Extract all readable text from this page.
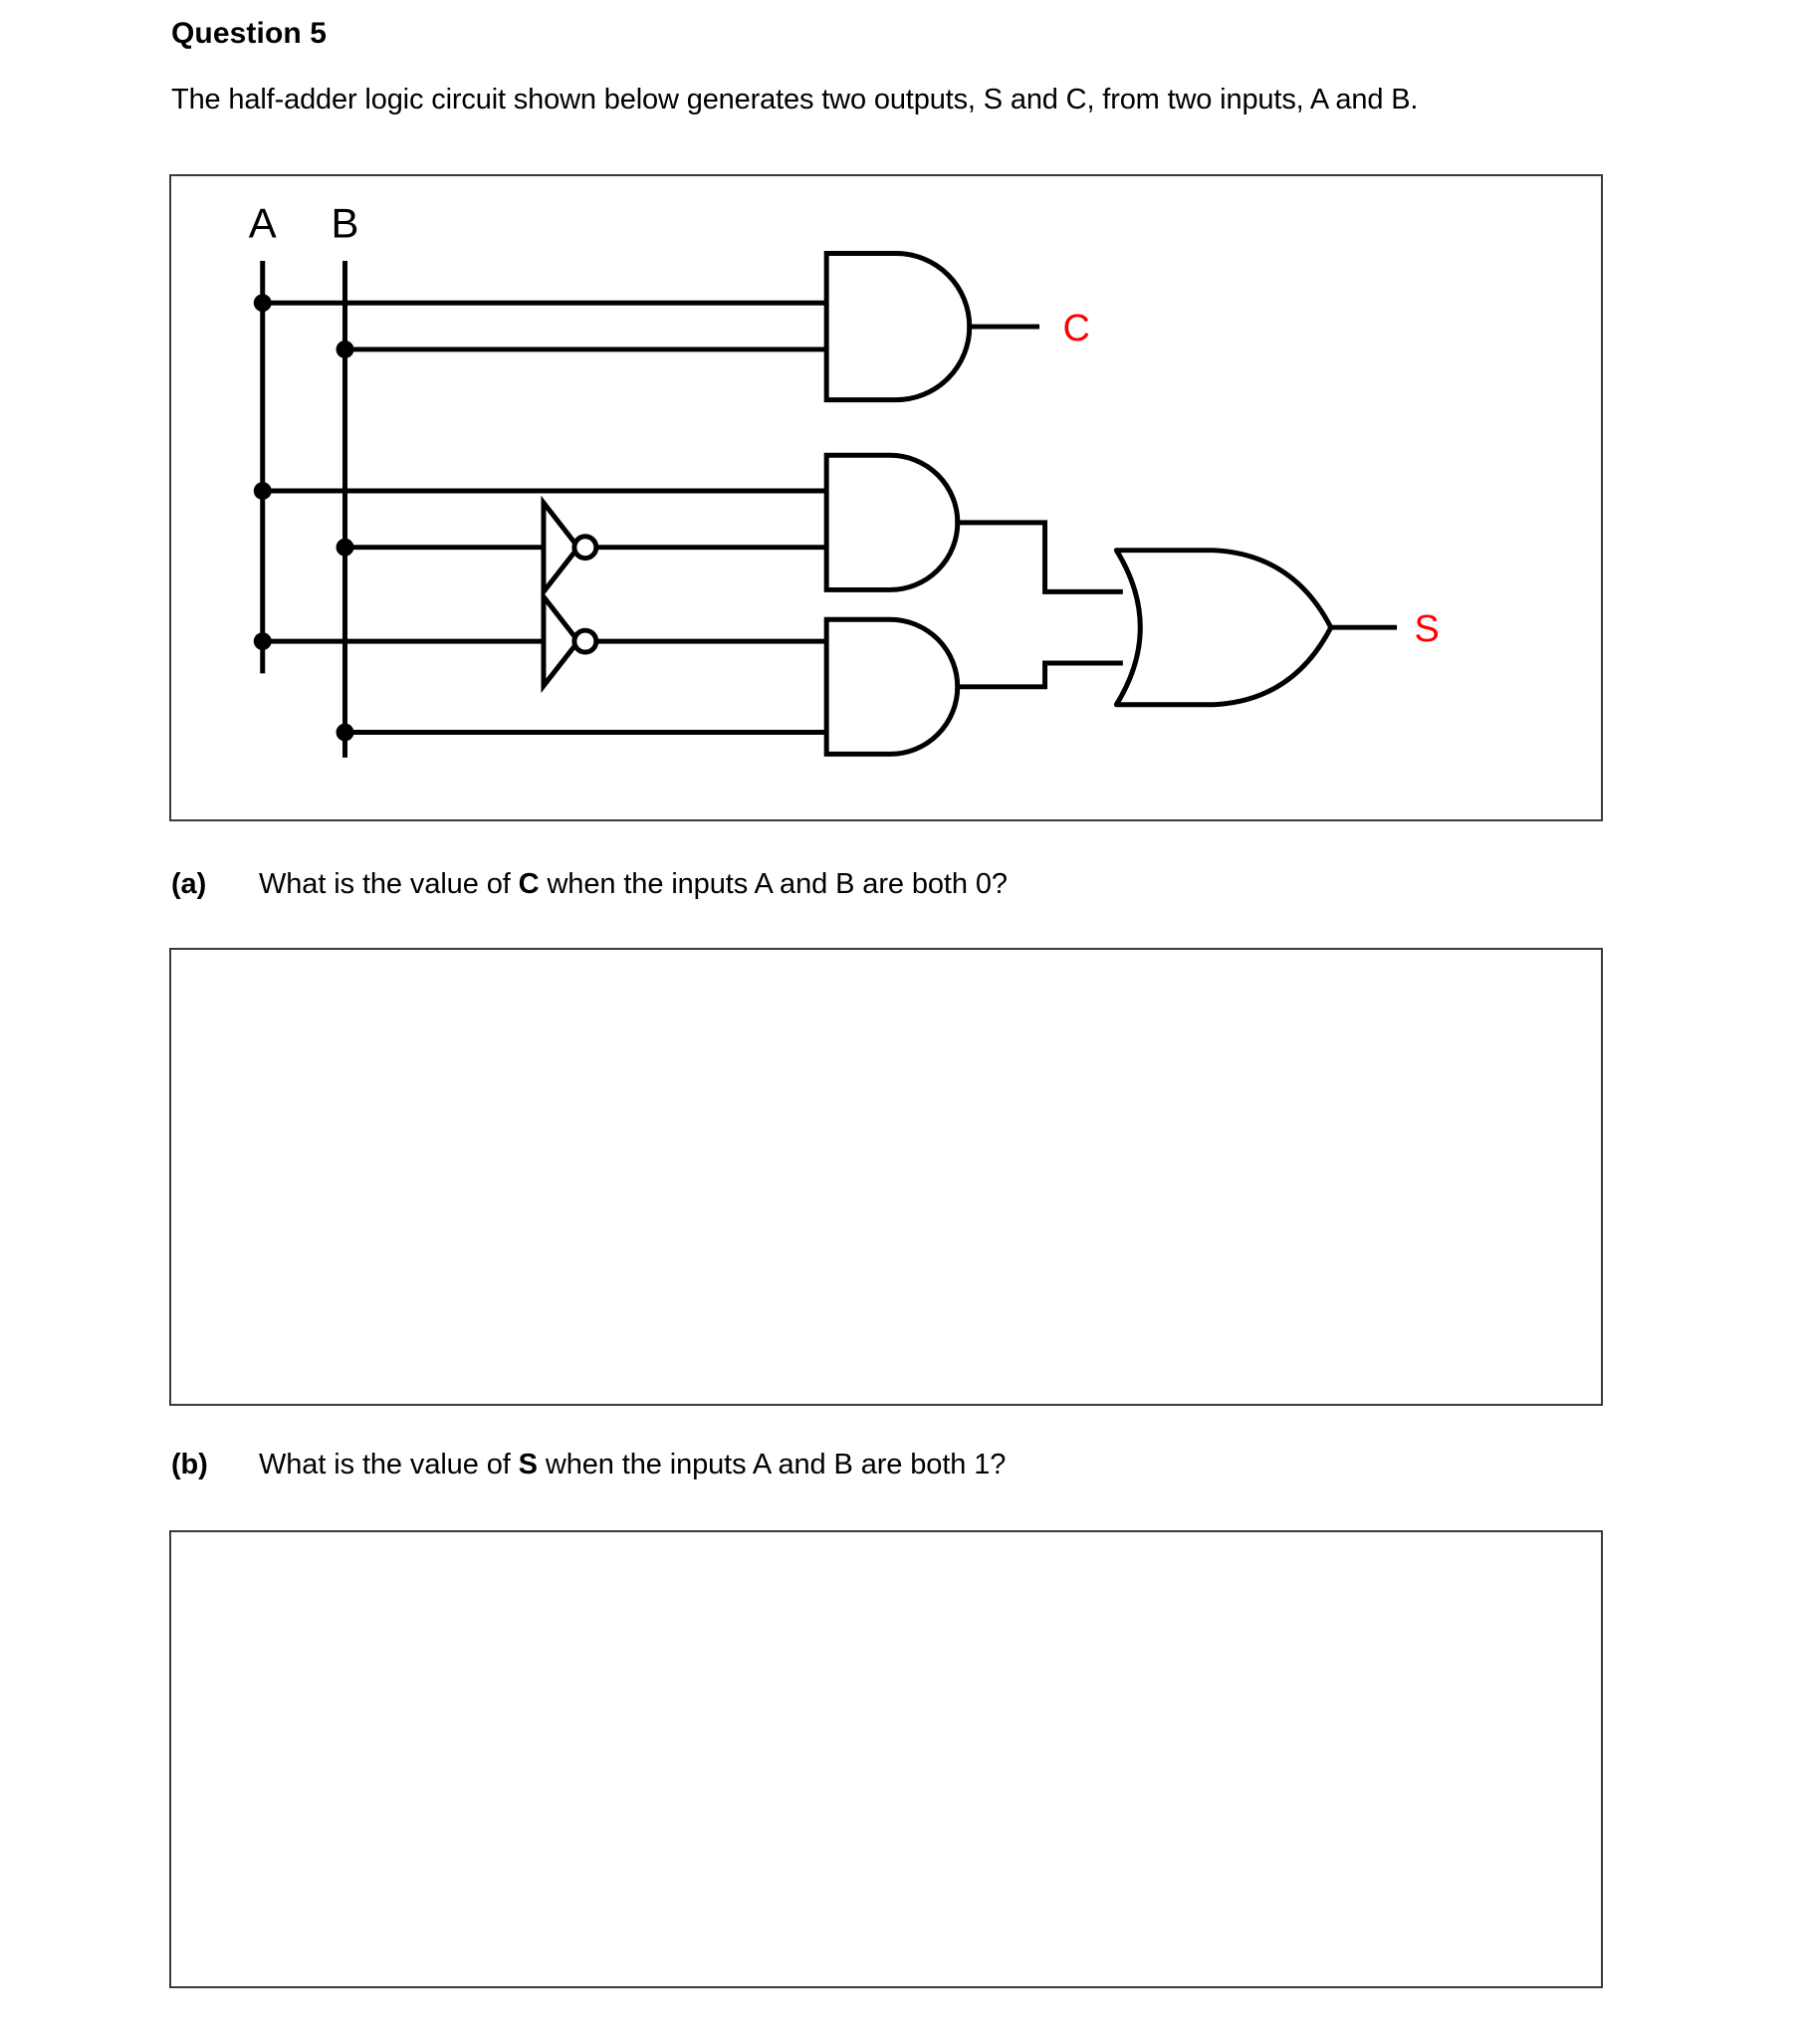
Question 5
The half-adder logic circuit shown below generates two outputs, S and C, from two inputs, A and B.
A B
C
S
(a) What is the value of C when the inputs A and B are both 0?
(b) What is the value of S when the inputs A and B are both 1?
